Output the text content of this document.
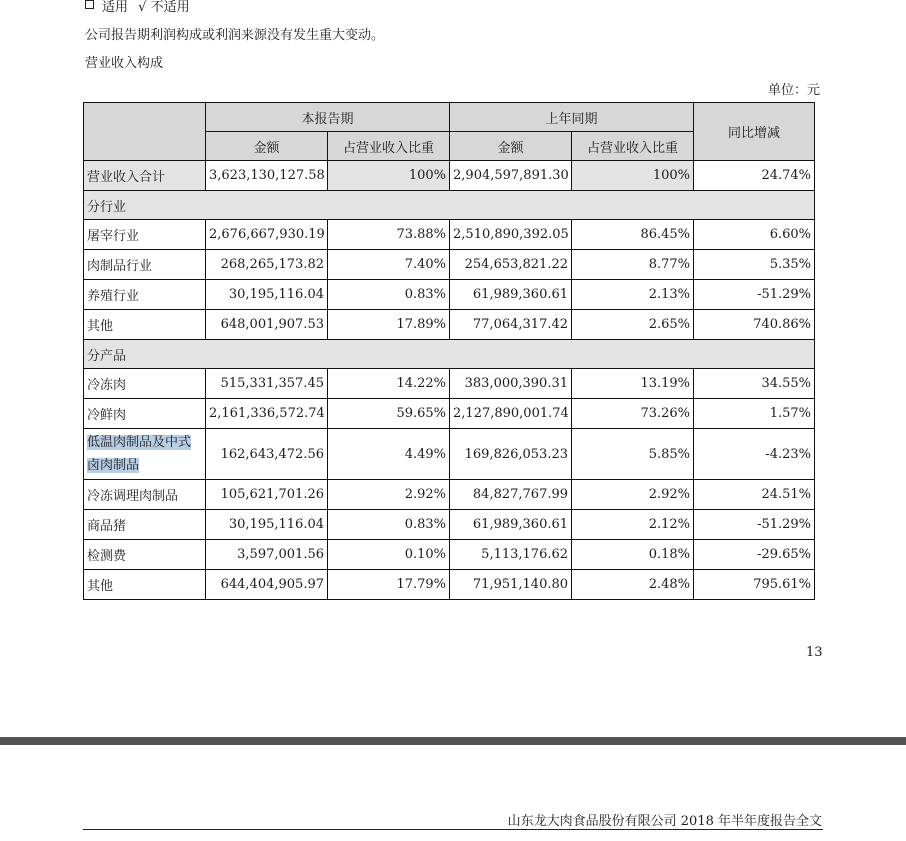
适用 √ 不适用
公司报告期利润构成或利润来源没有发生重大变动。
营业收入构成
单位：元
	本报告期		上年同期		同比增减
	金额	占营业收入比重	金额	占营业收入比重	
营业收入合计	3,623,130,127.58	100%	2,904,597,891.30	100%	24.74%
分行业					
屠宰行业	2,676,667,930.19	73.88%	2,510,890,392.05	86.45%	6.60%
肉制品行业	268,265,173.82	7.40%	254,653,821.22	8.77%	5.35%
养殖行业	30,195,116.04	0.83%	61,989,360.61	2.13%	-51.29%
其他	648,001,907.53	17.89%	77,064,317.42	2.65%	740.86%
分产品					
冷冻肉	515,331,357.45	14.22%	383,000,390.31	13.19%	34.55%
冷鲜肉	2,161,336,572.74	59.65%	2,127,890,001.74	73.26%	1.57%
低温肉制品及中式
卤肉制品	162,643,472.56	4.49%	169,826,053.23	5.85%	-4.23%
冷冻调理肉制品	105,621,701.26	2.92%	84,827,767.99	2.92%	24.51%
商品猪	30,195,116.04	0.83%	61,989,360.61	2.12%	-51.29%
检测费	3,597,001.56	0.10%	5,113,176.62	0.18%	-29.65%
其他	644,404,905.97	17.79%	71,951,140.80	2.48%	795.61%
13
山东龙大肉食品股份有限公司 2018 年半年度报告全文
